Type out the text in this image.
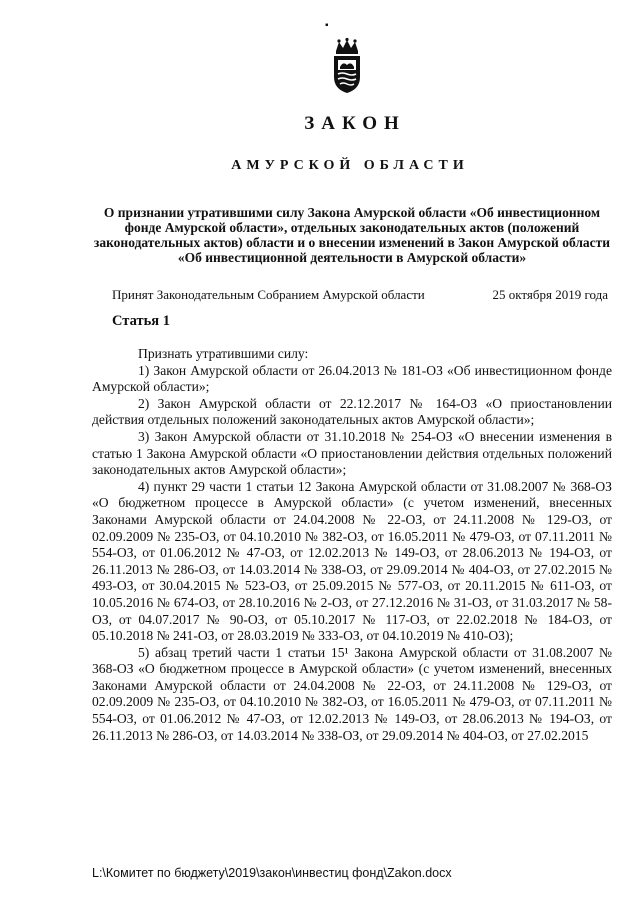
▪
ЗАКОН
АМУРСКОЙ ОБЛАСТИ
О признании утратившими силу Закона Амурской области «Об инвестиционном фонде Амурской области», отдельных законодательных актов (положений законодательных актов) области и о внесении изменений в Закон Амурской области «Об инвестиционной деятельности в Амурской области»
Принят Законодательным Собранием Амурской области	25 октября 2019 года
Статья 1

Признать утратившими силу:

1) Закон Амурской области от 26.04.2013 № 181-ОЗ «Об инвестиционном фонде Амурской области»;

2) Закон Амурской области от 22.12.2017 № 164-ОЗ «О приостановлении действия отдельных положений законодательных актов Амурской области»;

3) Закон Амурской области от 31.10.2018 № 254-ОЗ «О внесении изменения в статью 1 Закона Амурской области «О приостановлении действия отдельных положений законодательных актов Амурской области»;

4) пункт 29 части 1 статьи 12 Закона Амурской области от 31.08.2007 № 368-ОЗ «О бюджетном процессе в Амурской области» (с учетом изменений, внесенных Законами Амурской области от 24.04.2008 № 22-ОЗ, от 24.11.2008 № 129-ОЗ, от 02.09.2009 № 235-ОЗ, от 04.10.2010 № 382-ОЗ, от 16.05.2011 № 479-ОЗ, от 07.11.2011 № 554-ОЗ, от 01.06.2012 № 47-ОЗ, от 12.02.2013 № 149-ОЗ, от 28.06.2013 № 194-ОЗ, от 26.11.2013 № 286-ОЗ, от 14.03.2014 № 338-ОЗ, от 29.09.2014 № 404-ОЗ, от 27.02.2015 № 493-ОЗ, от 30.04.2015 № 523-ОЗ, от 25.09.2015 № 577-ОЗ, от 20.11.2015 № 611-ОЗ, от 10.05.2016 № 674-ОЗ, от 28.10.2016 № 2-ОЗ, от 27.12.2016 № 31-ОЗ, от 31.03.2017 № 58-ОЗ, от 04.07.2017 № 90-ОЗ, от 05.10.2017 № 117-ОЗ, от 22.02.2018 № 184-ОЗ, от 05.10.2018 № 241-ОЗ, от 28.03.2019 № 333-ОЗ, от 04.10.2019 № 410-ОЗ);

5) абзац третий части 1 статьи 15¹ Закона Амурской области от 31.08.2007 № 368-ОЗ «О бюджетном процессе в Амурской области» (с учетом изменений, внесенных Законами Амурской области от 24.04.2008 № 22-ОЗ, от 24.11.2008 № 129-ОЗ, от 02.09.2009 № 235-ОЗ, от 04.10.2010 № 382-ОЗ, от 16.05.2011 № 479-ОЗ, от 07.11.2011 № 554-ОЗ, от 01.06.2012 № 47-ОЗ, от 12.02.2013 № 149-ОЗ, от 28.06.2013 № 194-ОЗ, от 26.11.2013 № 286-ОЗ, от 14.03.2014 № 338-ОЗ, от 29.09.2014 № 404-ОЗ, от 27.02.2015

L:\Комитет по бюджету\2019\закон\инвестиц фонд\Zakon.docx
